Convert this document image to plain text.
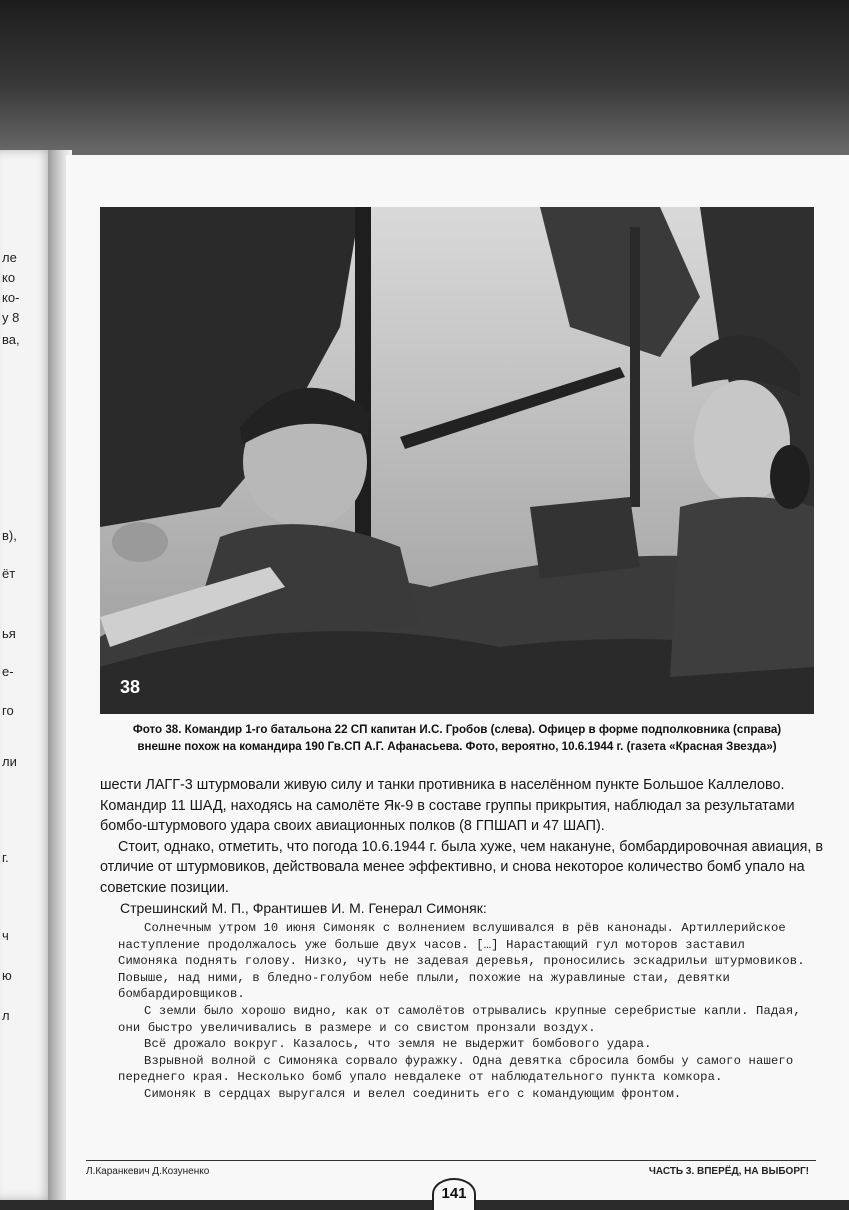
ле
ко
ко-
у 8
ва,
в),
ёт
ья
е-
го
ли
г.
ч
ю
л
38
Фото 38. Командир 1-го батальона 22 СП капитан И.С. Гробов (слева). Офицер в форме подполковника (справа)
внешне похож на командира 190 Гв.СП А.Г. Афанасьева. Фото, вероятно, 10.6.1944 г. (газета «Красная Звезда»)

шести ЛАГГ-3 штурмовали живую силу и танки противника в населённом пункте Большое Каллелово. Командир 11 ШАД, находясь на самолёте Як-9 в составе группы прикрытия, наблюдал за результатами бомбо-штурмового удара своих авиационных полков (8 ГПШАП и 47 ШАП).

Стоит, однако, отметить, что погода 10.6.1944 г. была хуже, чем накануне, бомбардировочная авиация, в отличие от штурмовиков, действовала менее эффективно, и снова некоторое количество бомб упало на советские позиции.

Стрешинский М. П., Франтишев И. М. Генерал Симоняк:

Солнечным утром 10 июня Симоняк с волнением вслушивался в рёв канонады. Артиллерийское наступление продолжалось уже больше двух часов. […] Нарастающий гул моторов заставил Симоняка поднять голову. Низко, чуть не задевая деревья, проносились эскадрильи штурмовиков. Повыше, над ними, в бледно-голубом небе плыли, похожие на журавлиные стаи, девятки бомбардировщиков.

С земли было хорошо видно, как от самолётов отрывались крупные серебристые капли. Падая, они быстро увеличивались в размере и со свистом пронзали воздух.

Всё дрожало вокруг. Казалось, что земля не выдержит бомбового удара.

Взрывной волной с Симоняка сорвало фуражку. Одна девятка сбросила бомбы у самого нашего переднего края. Несколько бомб упало невдалеке от наблюдательного пункта комкора.

Симоняк в сердцах выругался и велел соединить его с командующим фронтом.

Л.Каранкевич Д.Козуненко	ЧАСТЬ 3. ВПЕРЁД, НА ВЫБОРГ!
141
